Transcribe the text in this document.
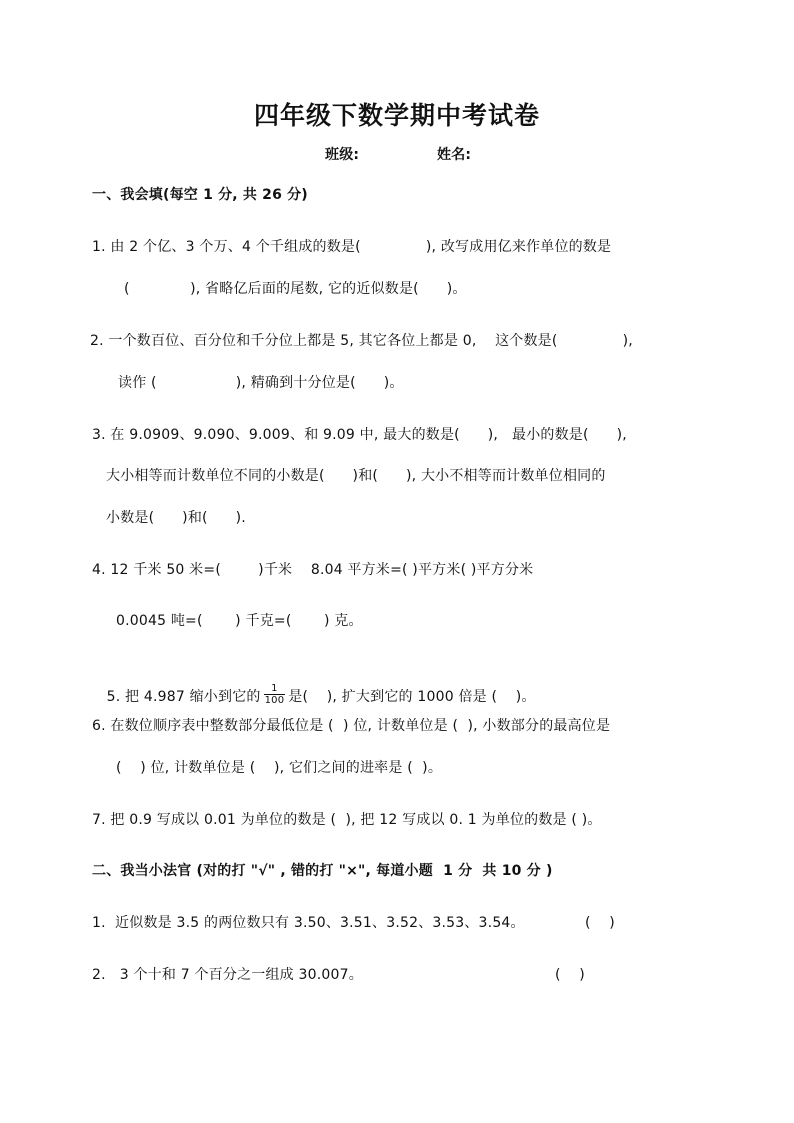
四年级下数学期中考试卷
班级:	姓名:
一、我会填(每空 1 分, 共 26 分)
1. 由 2 个亿、3 个万、4 个千组成的数是(              ), 改写成用亿来作单位的数是
(             ), 省略亿后面的尾数, 它的近似数是(      )。
2. 一个数百位、百分位和千分位上都是 5, 其它各位上都是 0,    这个数是(              ),
读作 (                 ), 精确到十分位是(      )。
3. 在 9.0909、9.090、9.009、和 9.09 中, 最大的数是(      ),   最小的数是(      ),
大小相等而计数单位不同的小数是(      )和(      ), 大小不相等而计数单位相同的
小数是(      )和(      ).
4. 12 千米 50 米=(        )千米    8.04 平方米=( )平方米( )平方分米
0.0045 吨=(       ) 千克=(       ) 克。

5. 把 4.987 缩小到它的 $\frac{1}{100}$ 是(    ), 扩大到它的 1000 倍是 (    )。

6. 在数位顺序表中整数部分最低位是 (  ) 位, 计数单位是 (  ), 小数部分的最高位是
(    ) 位, 计数单位是 (    ), 它们之间的进率是 (  )。
7. 把 0.9 写成以 0.01 为单位的数是 (  ), 把 12 写成以 0. 1 为单位的数是 ( )。
二、我当小法官 (对的打 "√" , 错的打 "×", 每道小题  1 分  共 10 分 )
1.  近似数是 3.5 的两位数只有 3.50、3.51、3.52、3.53、3.54。	(    )
2.   3 个十和 7 个百分之一组成 30.007。	(    )
